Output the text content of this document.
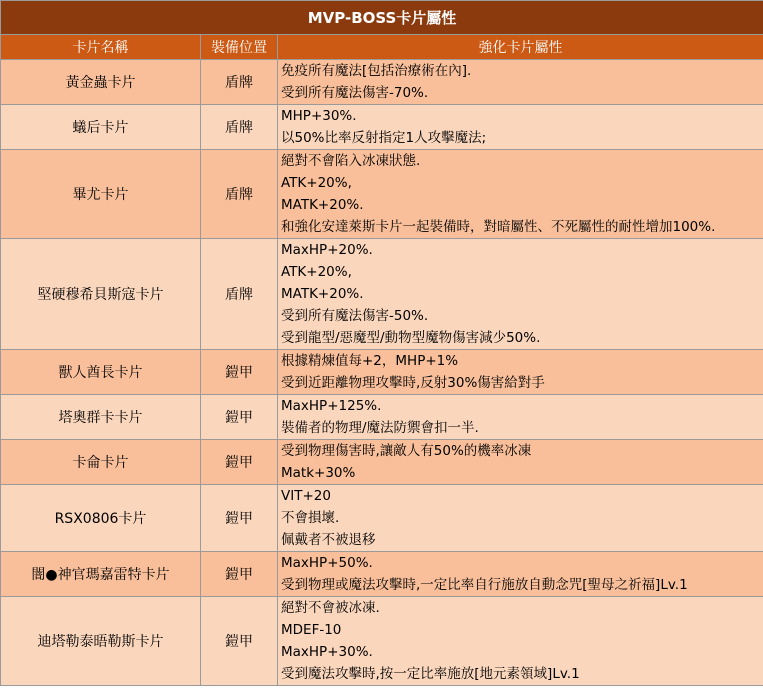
MVP-BOSS卡片屬性		
卡片名稱	裝備位置	強化卡片屬性
黃金蟲卡片	盾牌	免疫所有魔法[包括治療術在內].
受到所有魔法傷害-70%.

蟻后卡片	盾牌	MHP+30%.
以50%比率反射指定1人攻擊魔法;

畢尤卡片	盾牌	絕對不會陷入冰凍狀態.
ATK+20%,
MATK+20%.
和強化安達萊斯卡片一起裝備時，對暗屬性、不死屬性的耐性增加100%.

堅硬穆希貝斯寇卡片	盾牌	MaxHP+20%.
ATK+20%,
MATK+20%.
受到所有魔法傷害-50%.
受到龍型/惡魔型/動物型魔物傷害減少50%.

獸人酋長卡片	鎧甲	根據精煉值每+2，MHP+1%
受到近距離物理攻擊時,反射30%傷害給對手

塔奧群卡卡片	鎧甲	MaxHP+125%.
裝備者的物理/魔法防禦會扣一半.

卡侖卡片	鎧甲	受到物理傷害時,讓敵人有50%的機率冰凍
Matk+30%

RSX0806卡片	鎧甲	VIT+20
不會損壞.
佩戴者不被退移

闇●神官瑪嘉雷特卡片	鎧甲	MaxHP+50%.
受到物理或魔法攻擊時,一定比率自行施放自動念咒[聖母之祈福]Lv.1

迪塔勒泰晤勒斯卡片	鎧甲	絕對不會被冰凍.
MDEF-10
MaxHP+30%.
受到魔法攻擊時,按一定比率施放[地元素領域]Lv.1
